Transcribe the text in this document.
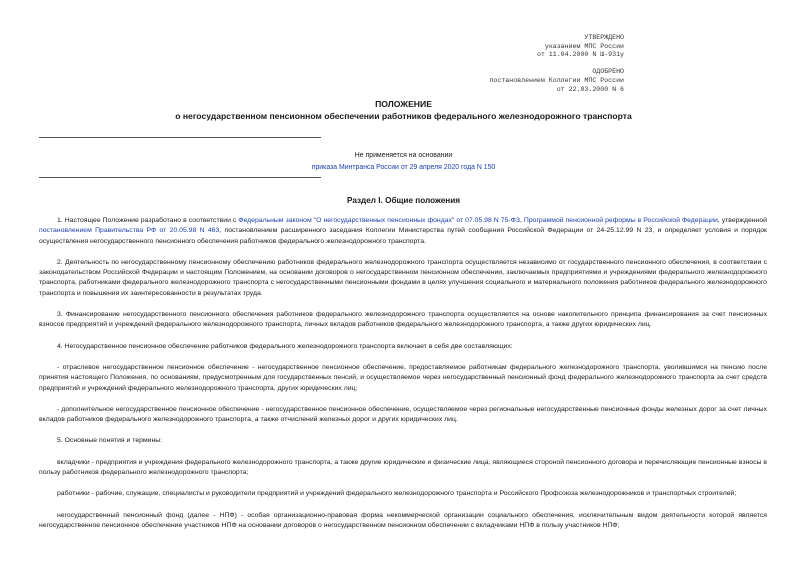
УТВЕРЖДЕНО
указанием МПС России
от 11.04.2000 N Ш-931у
ОДОБРЕНО
постановлением Коллегии МПС России
от 22.03.2000 N 6
ПОЛОЖЕНИЕ
о негосударственном пенсионном обеспечении работников федерального железнодорожного транспорта
Не применяется на основании
приказа Минтранса России от 29 апреля 2020 года N 150
Раздел I. Общие положения

1. Настоящее Положение разработано в соответствии с Федеральным законом "О негосударственных пенсионных фондах" от 07.05.98 N 75-ФЗ, Программой пенсионной реформы в Российской Федерации, утвержденной постановлением Правительства РФ от 20.05.98 N 463, постановлением расширенного заседания Коллегии Министерства путей сообщения Российской Федерации от 24-25.12.99 N 23, и определяет условия и порядок осуществления негосударственного пенсионного обеспечения работников федерального железнодорожного транспорта.

2. Деятельность по негосударственному пенсионному обеспечению работников федерального железнодорожного транспорта осуществляется независимо от государственного пенсионного обеспечения, в соответствии с законодательством Российской Федерации и настоящим Положением, на основании договоров о негосударственном пенсионном обеспечении, заключаемых предприятиями и учреждениями федерального железнодорожного транспорта, работниками федерального железнодорожного транспорта с негосударственными пенсионными фондами в целях улучшения социального и материального положения работников федерального железнодорожного транспорта и повышения их заинтересованности в результатах труда.

3. Финансирование негосударственного пенсионного обеспечения работников федерального железнодорожного транспорта осуществляется на основе накопительного принципа финансирования за счет пенсионных взносов предприятий и учреждений федерального железнодорожного транспорта, личных вкладов работников федерального железнодорожного транспорта, а также других юридических лиц.

4. Негосударственное пенсионное обеспечение работников федерального железнодорожного транспорта включает в себя две составляющих:

- отраслевое негосударственное пенсионное обеспечение - негосударственное пенсионное обеспечение, предоставляемое работникам федерального железнодорожного транспорта, уволившимся на пенсию после принятия настоящего Положения, по основаниям, предусмотренным для государственных пенсий, и осуществляемое через негосударственный пенсионный фонд федерального железнодорожного транспорта за счет средств предприятий и учреждений федерального железнодорожного транспорта, других юридических лиц;

- дополнительное негосударственное пенсионное обеспечение - негосударственное пенсионное обеспечение, осуществляемое через региональные негосударственные пенсионные фонды железных дорог за счет личных вкладов работников федерального железнодорожного транспорта, а также отчислений железных дорог и других юридических лиц.

5. Основные понятия и термины:

вкладчики - предприятия и учреждения федерального железнодорожного транспорта, а также другие юридические и физические лица, являющиеся стороной пенсионного договора и перечисляющие пенсионные взносы в пользу работников федерального железнодорожного транспорта;

работники - рабочие, служащие, специалисты и руководители предприятий и учреждений федерального железнодорожного транспорта и Российского Профсоюза железнодорожников и транспортных строителей;

негосударственный пенсионный фонд (далее - НПФ) - особая организационно-правовая форма некоммерческой организации социального обеспечения, исключительным видом деятельности которой является негосударственное пенсионное обеспечение участников НПФ на основании договоров о негосударственном пенсионном обеспечении с вкладчиками НПФ в пользу участников НПФ;
